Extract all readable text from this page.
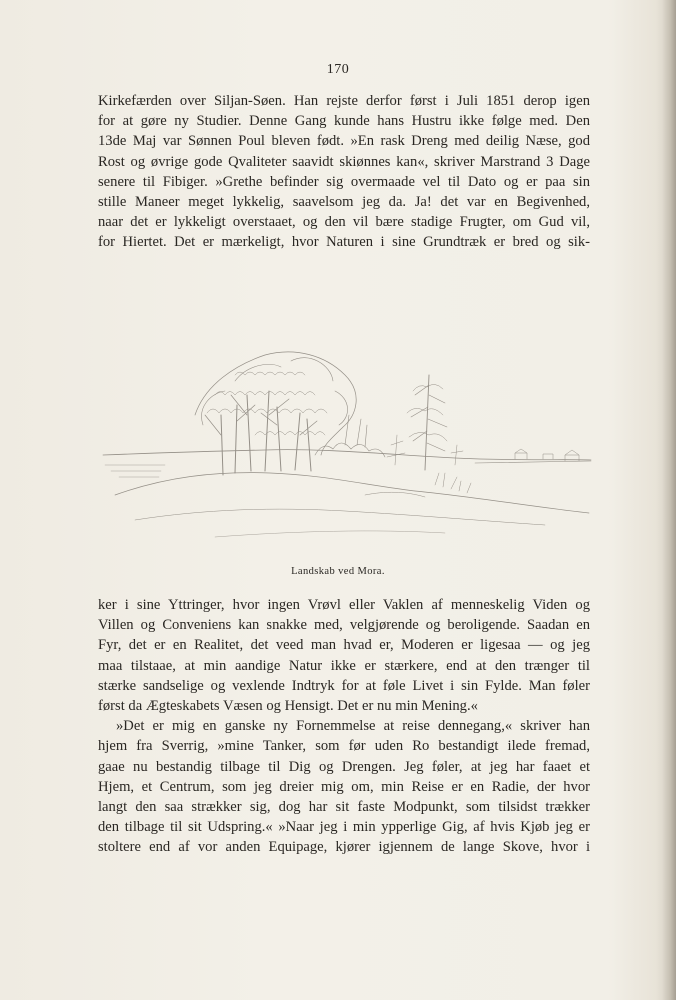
170
Kirkefærden over Siljan-Søen. Han rejste derfor først i Juli 1851 derop igen
for at gøre ny Studier. Denne Gang kunde hans Hustru ikke følge med. Den
13de Maj var Sønnen Poul bleven født. »En rask Dreng med deilig Næse, god
Rost og øvrige gode Qvaliteter saavidt skiønnes kan«, skriver Marstrand 3 Dage
senere til Fibiger. »Grethe befinder sig overmaade vel til Dato og er paa sin
stille Maneer meget lykkelig, saavelsom jeg da. Ja! det var en Begivenhed,
naar det er lykkeligt overstaaet, og den vil bære stadige Frugter, om Gud vil,
for Hiertet. Det er mærkeligt, hvor Naturen i sine Grundtræk er bred og sik-
Landskab ved Mora.
ker i sine Yttringer, hvor ingen Vrøvl eller Vaklen af menneskelig Viden og
Villen og Conveniens kan snakke med, velgjørende og beroligende. Saadan en
Fyr, det er en Realitet, det veed man hvad er, Moderen er ligesaa — og jeg
maa tilstaae, at min aandige Natur ikke er stærkere, end at den trænger til
stærke sandselige og vexlende Indtryk for at føle Livet i sin Fylde. Man føler
først da Ægteskabets Væsen og Hensigt. Det er nu min Mening.«
»Det er mig en ganske ny Fornemmelse at reise dennegang,« skriver han
hjem fra Sverrig, »mine Tanker, som før uden Ro bestandigt ilede fremad,
gaae nu bestandig tilbage til Dig og Drengen. Jeg føler, at jeg har faaet et
Hjem, et Centrum, som jeg dreier mig om, min Reise er en Radie, der hvor
langt den saa strækker sig, dog har sit faste Modpunkt, som tilsidst trækker
den tilbage til sit Udspring.« »Naar jeg i min ypperlige Gig, af hvis Kjøb jeg er
stoltere end af vor anden Equipage, kjører igjennem de lange Skove, hvor i
